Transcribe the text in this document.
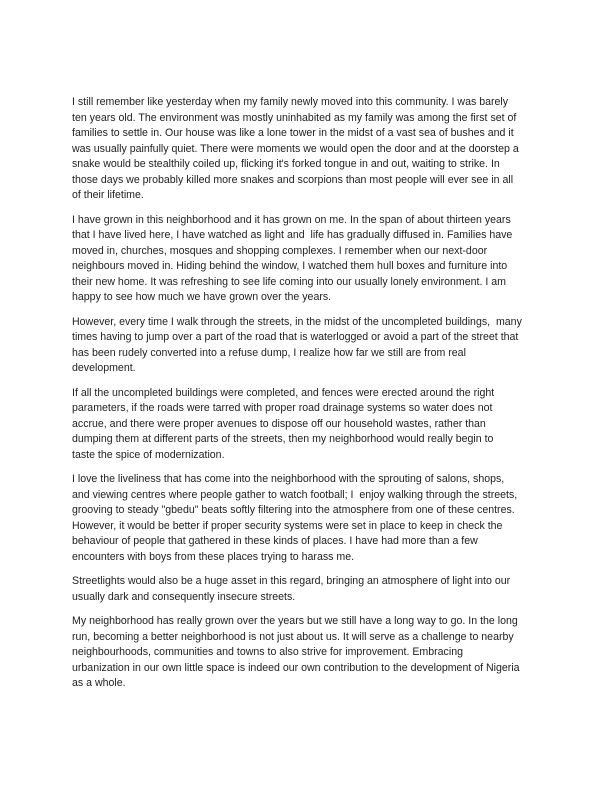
I still remember like yesterday when my family newly moved into this community. I was barely
ten years old. The environment was mostly uninhabited as my family was among the first set of
families to settle in. Our house was like a lone tower in the midst of a vast sea of bushes and it
was usually painfully quiet. There were moments we would open the door and at the doorstep a
snake would be stealthily coiled up, flicking it's forked tongue in and out, waiting to strike. In
those days we probably killed more snakes and scorpions than most people will ever see in all
of their lifetime.

I have grown in this neighborhood and it has grown on me. In the span of about thirteen years
that I have lived here, I have watched as light and  life has gradually diffused in. Families have
moved in, churches, mosques and shopping complexes. I remember when our next-door
neighbours moved in. Hiding behind the window, I watched them hull boxes and furniture into
their new home. It was refreshing to see life coming into our usually lonely environment. I am
happy to see how much we have grown over the years.

However, every time I walk through the streets, in the midst of the uncompleted buildings,  many
times having to jump over a part of the road that is waterlogged or avoid a part of the street that
has been rudely converted into a refuse dump, I realize how far we still are from real
development.

If all the uncompleted buildings were completed, and fences were erected around the right
parameters, if the roads were tarred with proper road drainage systems so water does not
accrue, and there were proper avenues to dispose off our household wastes, rather than
dumping them at different parts of the streets, then my neighborhood would really begin to
taste the spice of modernization.

I love the liveliness that has come into the neighborhood with the sprouting of salons, shops,
and viewing centres where people gather to watch football; I  enjoy walking through the streets,
grooving to steady "gbedu" beats softly filtering into the atmosphere from one of these centres.
However, it would be better if proper security systems were set in place to keep in check the
behaviour of people that gathered in these kinds of places. I have had more than a few
encounters with boys from these places trying to harass me.

Streetlights would also be a huge asset in this regard, bringing an atmosphere of light into our
usually dark and consequently insecure streets.

My neighborhood has really grown over the years but we still have a long way to go. In the long
run, becoming a better neighborhood is not just about us. It will serve as a challenge to nearby
neighbourhoods, communities and towns to also strive for improvement. Embracing
urbanization in our own little space is indeed our own contribution to the development of Nigeria
as a whole.
